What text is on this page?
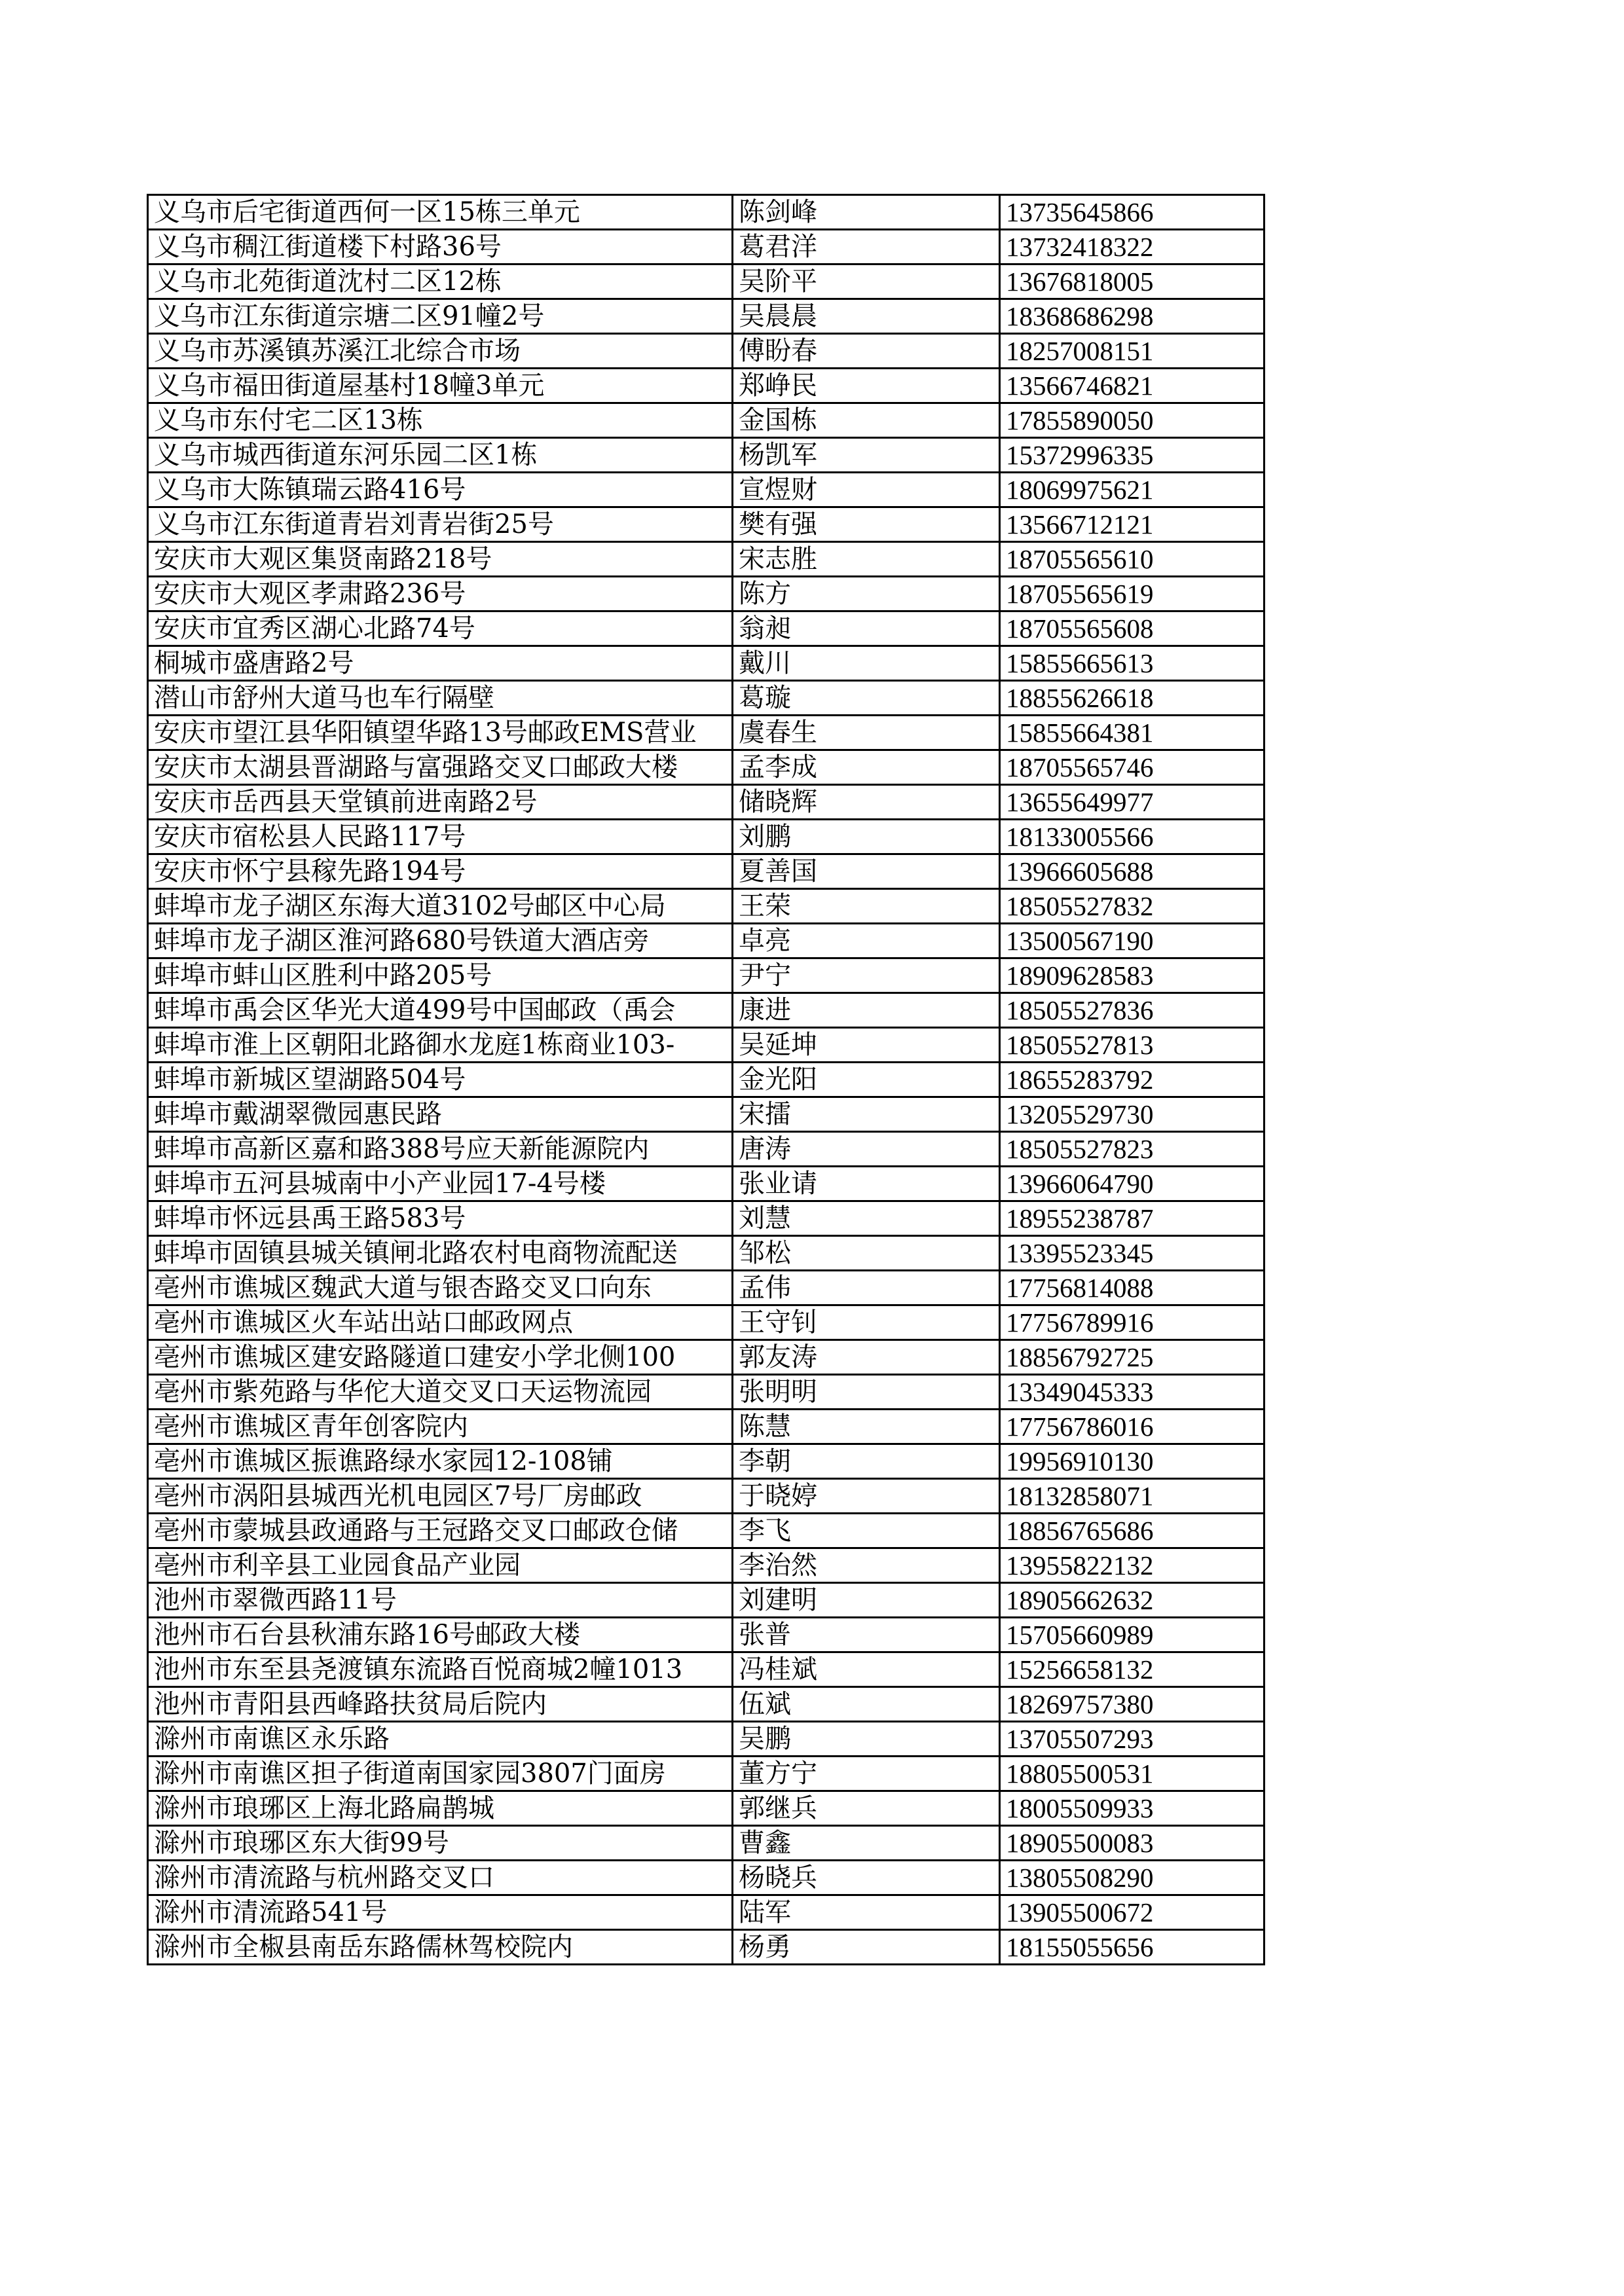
义乌市后宅街道西何一区15栋三单元	陈剑峰	13735645866
义乌市稠江街道楼下村路36号	葛君洋	13732418322
义乌市北苑街道沈村二区12栋	吴阶平	13676818005
义乌市江东街道宗塘二区91幢2号	吴晨晨	18368686298
义乌市苏溪镇苏溪江北综合市场	傅盼春	18257008151
义乌市福田街道屋基村18幢3单元	郑峥民	13566746821
义乌市东付宅二区13栋	金国栋	17855890050
义乌市城西街道东河乐园二区1栋	杨凯军	15372996335
义乌市大陈镇瑞云路416号	宣煜财	18069975621
义乌市江东街道青岩刘青岩街25号	樊有强	13566712121
安庆市大观区集贤南路218号	宋志胜	18705565610
安庆市大观区孝肃路236号	陈方	18705565619
安庆市宜秀区湖心北路74号	翁昶	18705565608
桐城市盛唐路2号	戴川	15855665613
潜山市舒州大道马也车行隔壁	葛璇	18855626618
安庆市望江县华阳镇望华路13号邮政EMS营业	虞春生	15855664381
安庆市太湖县晋湖路与富强路交叉口邮政大楼	孟李成	18705565746
安庆市岳西县天堂镇前进南路2号	储晓辉	13655649977
安庆市宿松县人民路117号	刘鹏	18133005566
安庆市怀宁县稼先路194号	夏善国	13966605688
蚌埠市龙子湖区东海大道3102号邮区中心局	王荣	18505527832
蚌埠市龙子湖区淮河路680号铁道大酒店旁	卓亮	13500567190
蚌埠市蚌山区胜利中路205号	尹宁	18909628583
蚌埠市禹会区华光大道499号中国邮政（禹会	康进	18505527836
蚌埠市淮上区朝阳北路御水龙庭1栋商业103-	吴延坤	18505527813
蚌埠市新城区望湖路504号	金光阳	18655283792
蚌埠市戴湖翠微园惠民路	宋擂	13205529730
蚌埠市高新区嘉和路388号应天新能源院内	唐涛	18505527823
蚌埠市五河县城南中小产业园17-4号楼	张业请	13966064790
蚌埠市怀远县禹王路583号	刘慧	18955238787
蚌埠市固镇县城关镇闸北路农村电商物流配送	邹松	13395523345
亳州市谯城区魏武大道与银杏路交叉口向东	孟伟	17756814088
亳州市谯城区火车站出站口邮政网点	王守钊	17756789916
亳州市谯城区建安路隧道口建安小学北侧100	郭友涛	18856792725
亳州市紫苑路与华佗大道交叉口天运物流园	张明明	13349045333
亳州市谯城区青年创客院内	陈慧	17756786016
亳州市谯城区振谯路绿水家园12-108铺	李朝	19956910130
亳州市涡阳县城西光机电园区7号厂房邮政	于晓婷	18132858071
亳州市蒙城县政通路与王冠路交叉口邮政仓储	李飞	18856765686
亳州市利辛县工业园食品产业园	李治然	13955822132
池州市翠微西路11号	刘建明	18905662632
池州市石台县秋浦东路16号邮政大楼	张普	15705660989
池州市东至县尧渡镇东流路百悦商城2幢1013	冯桂斌	15256658132
池州市青阳县西峰路扶贫局后院内	伍斌	18269757380
滁州市南谯区永乐路	吴鹏	13705507293
滁州市南谯区担子街道南国家园3807门面房	董方宁	18805500531
滁州市琅琊区上海北路扁鹊城	郭继兵	18005509933
滁州市琅琊区东大街99号	曹鑫	18905500083
滁州市清流路与杭州路交叉口	杨晓兵	13805508290
滁州市清流路541号	陆军	13905500672
滁州市全椒县南岳东路儒林驾校院内	杨勇	18155055656
